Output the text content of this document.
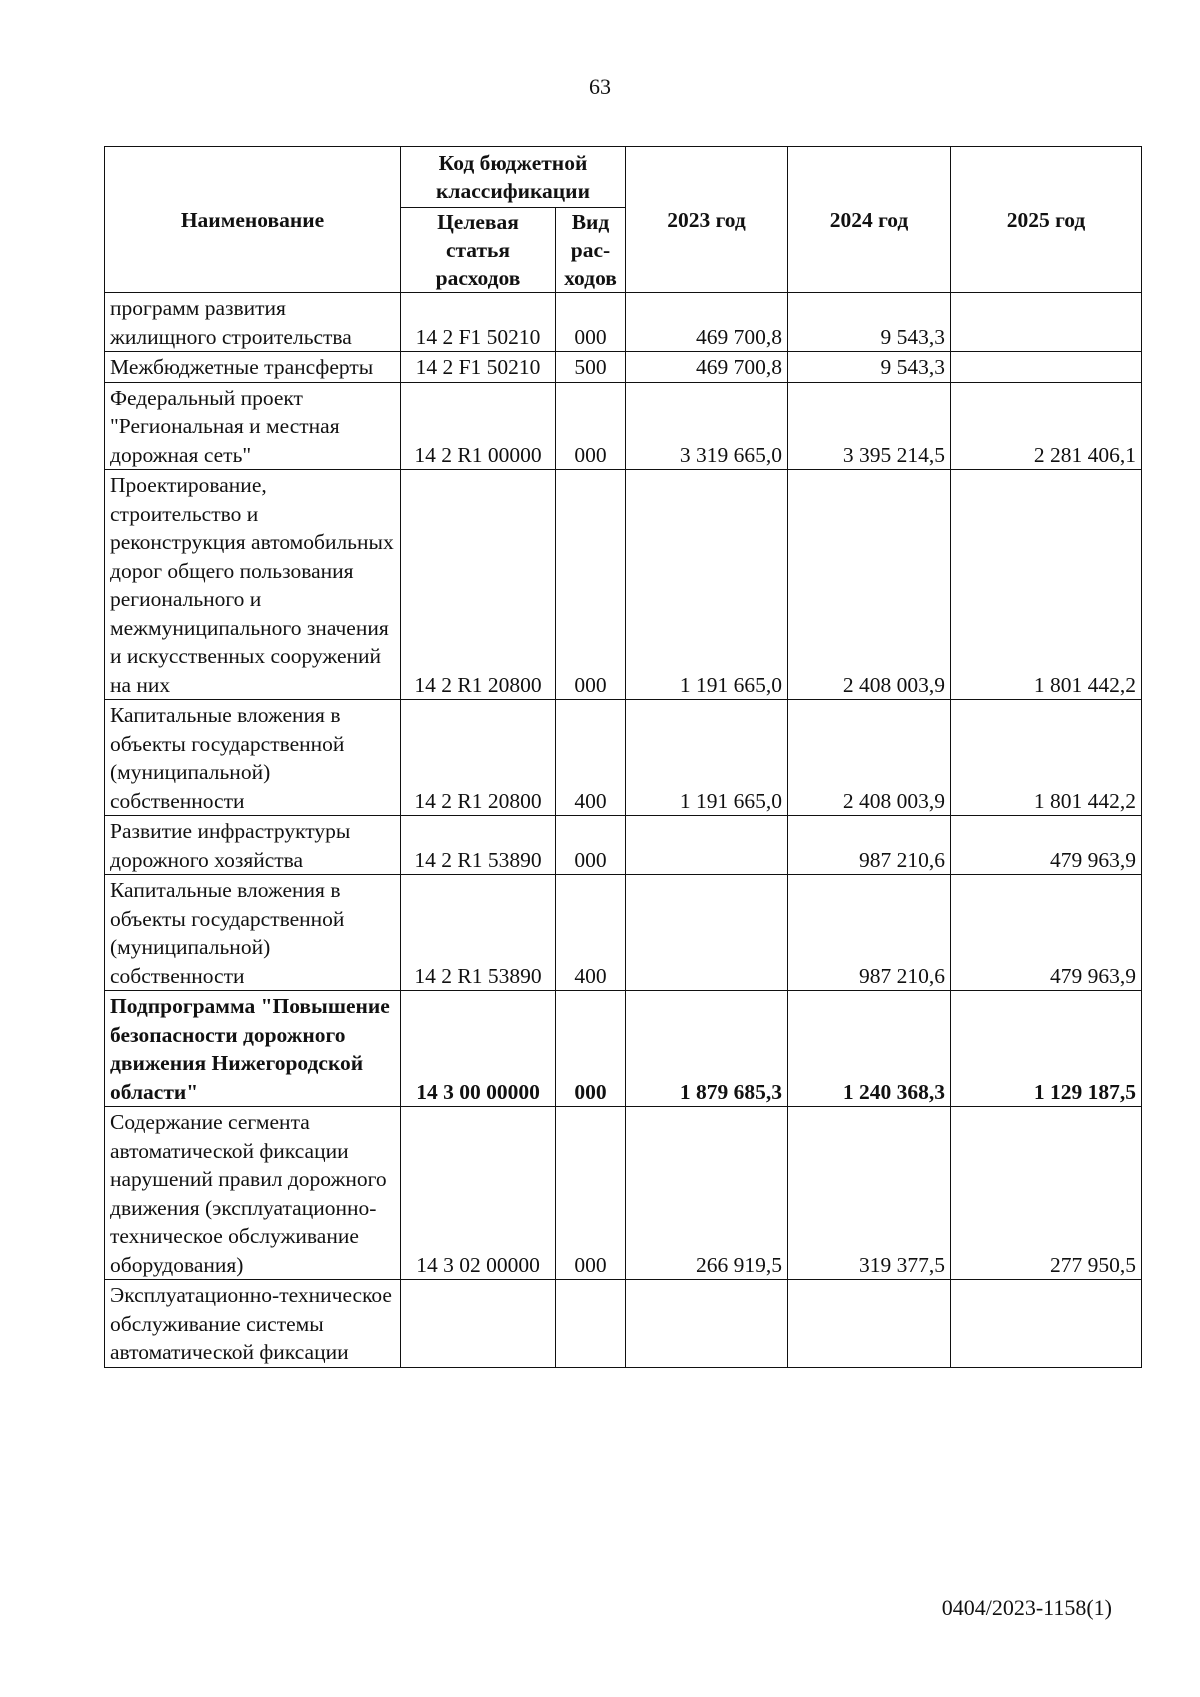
63
Наименование	Код бюджетной классификации		2023 год	2024 год	2025 год
	Целевая статья расходов	Вид рас-ходов			
программ развития жилищного строительства	14 2 F1 50210	000	469 700,8	9 543,3	
Межбюджетные трансферты	14 2 F1 50210	500	469 700,8	9 543,3	
Федеральный проект "Региональная и местная дорожная сеть"	14 2 R1 00000	000	3 319 665,0	3 395 214,5	2 281 406,1
Проектирование, строительство и реконструкция автомобильных дорог общего пользования регионального и межмуниципального значения и искусственных сооружений на них	14 2 R1 20800	000	1 191 665,0	2 408 003,9	1 801 442,2
Капитальные вложения в объекты государственной (муниципальной) собственности	14 2 R1 20800	400	1 191 665,0	2 408 003,9	1 801 442,2
Развитие инфраструктуры дорожного хозяйства	14 2 R1 53890	000		987 210,6	479 963,9
Капитальные вложения в объекты государственной (муниципальной) собственности	14 2 R1 53890	400		987 210,6	479 963,9
Подпрограмма "Повышение безопасности дорожного движения Нижегородской области"	14 3 00 00000	000	1 879 685,3	1 240 368,3	1 129 187,5
Содержание сегмента автоматической фиксации нарушений правил дорожного движения (эксплуатационно-техническое обслуживание оборудования)	14 3 02 00000	000	266 919,5	319 377,5	277 950,5
Эксплуатационно-техническое обслуживание системы автоматической фиксации					
0404/2023-1158(1)
